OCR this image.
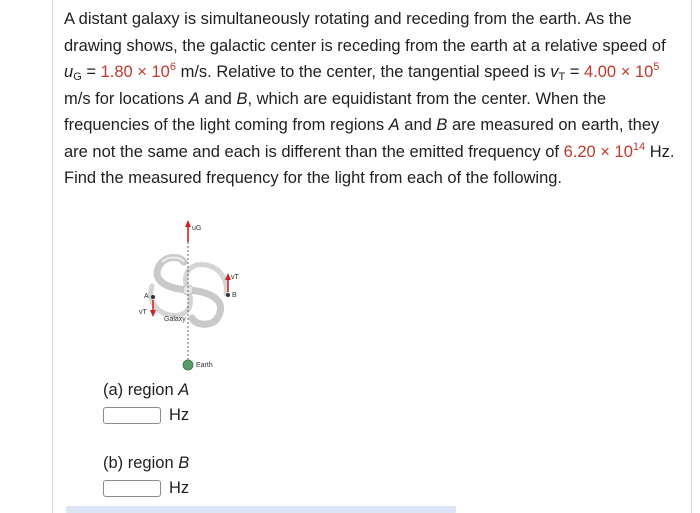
A distant galaxy is simultaneously rotating and receding from the earth. As the drawing shows, the galactic center is receding from the earth at a relative speed of $u_G = 1.80 \times 10^6$ m/s. Relative to the center, the tangential speed is $v_T = 4.00 \times 10^5$ m/s for locations A and B, which are equidistant from the center. When the frequencies of the light coming from regions A and B are measured on earth, they are not the same and each is different than the emitted frequency of $6.20 \times 10^{14}$ Hz. Find the measured frequency for the light from each of the following.

uG
A
vT
B
vT
Galaxy
Earth
(a) region A
Hz
(b) region B
Hz
